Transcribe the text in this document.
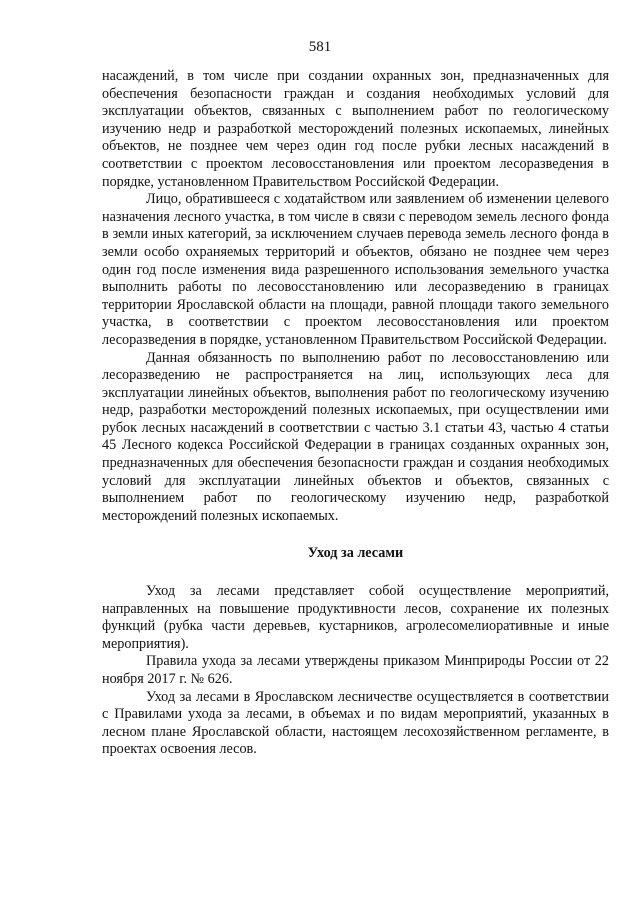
581

насаждений, в том числе при создании охранных зон, предназначенных для обеспечения безопасности граждан и создания необходимых условий для эксплуатации объектов, связанных с выполнением работ по геологическому изучению недр и разработкой месторождений полезных ископаемых, линейных объектов, не позднее чем через один год после рубки лесных насаждений в соответствии с проектом лесовосстановления или проектом лесоразведения в порядке, установленном Правительством Российской Федерации.

Лицо, обратившееся с ходатайством или заявлением об изменении целевого назначения лесного участка, в том числе в связи с переводом земель лесного фонда в земли иных категорий, за исключением случаев перевода земель лесного фонда в земли особо охраняемых территорий и объектов, обязано не позднее чем через один год после изменения вида разрешенного использования земельного участка выполнить работы по лесовосстановлению или лесоразведению в границах территории Ярославской области на площади, равной площади такого земельного участка, в соответствии с проектом лесовосстановления или проектом лесоразведения в порядке, установленном Правительством Российской Федерации.

Данная обязанность по выполнению работ по лесовосстановлению или лесоразведению не распространяется на лиц, использующих леса для эксплуатации линейных объектов, выполнения работ по геологическому изучению недр, разработки месторождений полезных ископаемых, при осуществлении ими рубок лесных насаждений в соответствии с частью 3.1 статьи 43, частью 4 статьи 45 Лесного кодекса Российской Федерации в границах созданных охранных зон, предназначенных для обеспечения безопасности граждан и создания необходимых условий для эксплуатации линейных объектов и объектов, связанных с выполнением работ по геологическому изучению недр, разработкой месторождений полезных ископаемых.

Уход за лесами

Уход за лесами представляет собой осуществление мероприятий, направленных на повышение продуктивности лесов, сохранение их полезных функций (рубка части деревьев, кустарников, агролесомелиоративные и иные мероприятия).

Правила ухода за лесами утверждены приказом Минприроды России от 22 ноября 2017 г. № 626.

Уход за лесами в Ярославском лесничестве осуществляется в соответствии с Правилами ухода за лесами, в объемах и по видам мероприятий, указанных в лесном плане Ярославской области, настоящем лесохозяйственном регламенте, в проектах освоения лесов.
